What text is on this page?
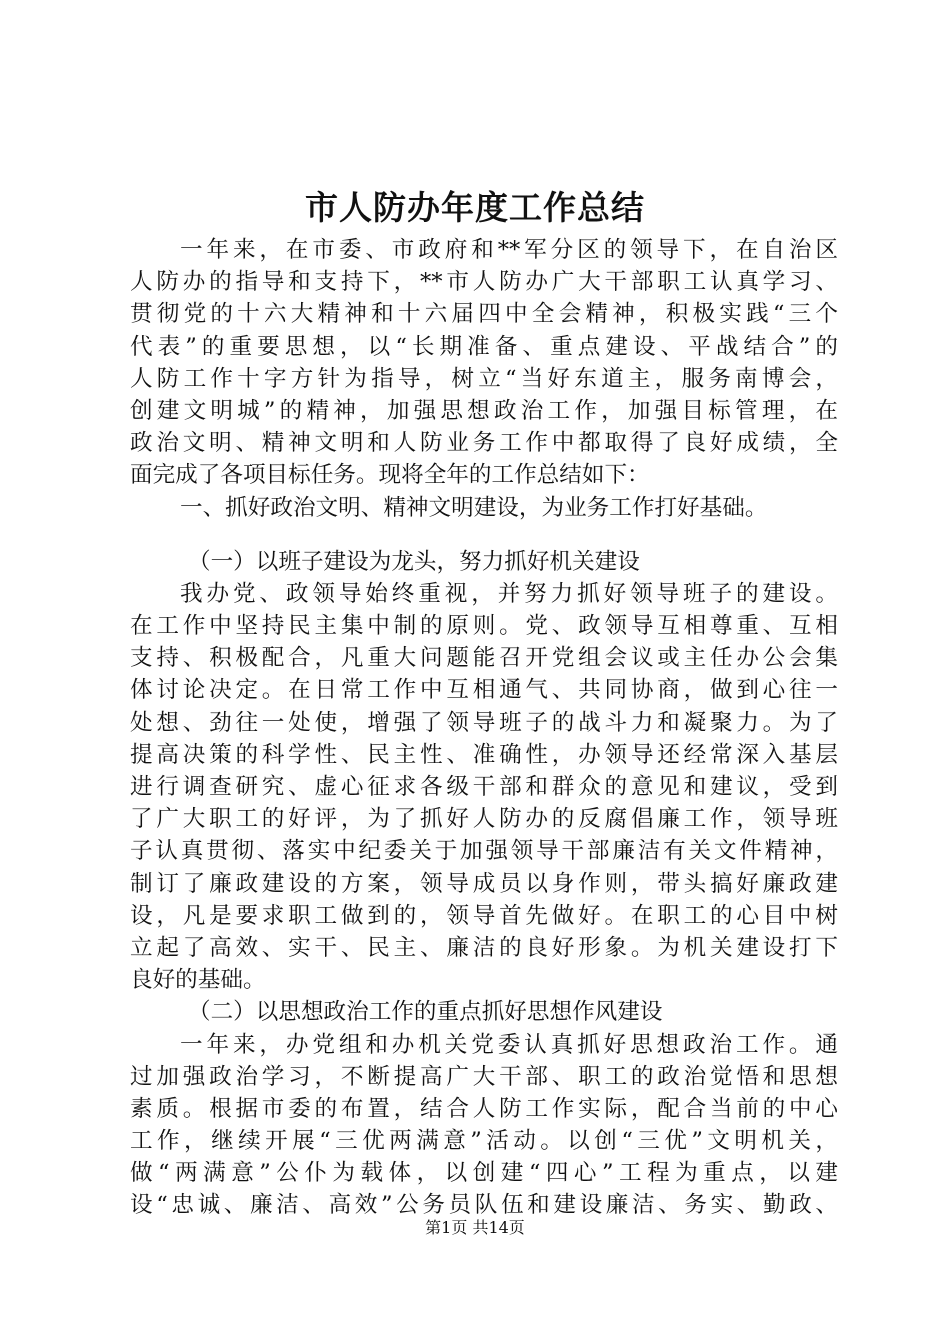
市人防办年度工作总结
一年来，在市委、市政府和**军分区的领导下，在自治区
人防办的指导和支持下，**市人防办广大干部职工认真学习、
贯彻党的十六大精神和十六届四中全会精神，积极实践“三个
代表”的重要思想，以“长期准备、重点建设、平战结合”的
人防工作十字方针为指导，树立“当好东道主，服务南博会，
创建文明城”的精神，加强思想政治工作，加强目标管理，在
政治文明、精神文明和人防业务工作中都取得了良好成绩，全
面完成了各项目标任务。现将全年的工作总结如下：
一、抓好政治文明、精神文明建设，为业务工作打好基础。
（一）以班子建设为龙头，努力抓好机关建设
我办党、政领导始终重视，并努力抓好领导班子的建设。
在工作中坚持民主集中制的原则。党、政领导互相尊重、互相
支持、积极配合，凡重大问题能召开党组会议或主任办公会集
体讨论决定。在日常工作中互相通气、共同协商，做到心往一
处想、劲往一处使，增强了领导班子的战斗力和凝聚力。为了
提高决策的科学性、民主性、准确性，办领导还经常深入基层
进行调查研究、虚心征求各级干部和群众的意见和建议，受到
了广大职工的好评，为了抓好人防办的反腐倡廉工作，领导班
子认真贯彻、落实中纪委关于加强领导干部廉洁有关文件精神，
制订了廉政建设的方案，领导成员以身作则，带头搞好廉政建
设，凡是要求职工做到的，领导首先做好。在职工的心目中树
立起了高效、实干、民主、廉洁的良好形象。为机关建设打下
良好的基础。
（二）以思想政治工作的重点抓好思想作风建设
一年来，办党组和办机关党委认真抓好思想政治工作。通
过加强政治学习，不断提高广大干部、职工的政治觉悟和思想
素质。根据市委的布置，结合人防工作实际，配合当前的中心
工作，继续开展“三优两满意”活动。以创“三优”文明机关，
做“两满意”公仆为载体，以创建“四心”工程为重点，以建
设“忠诚、廉洁、高效”公务员队伍和建设廉洁、务实、勤政、
第1页 共14页
